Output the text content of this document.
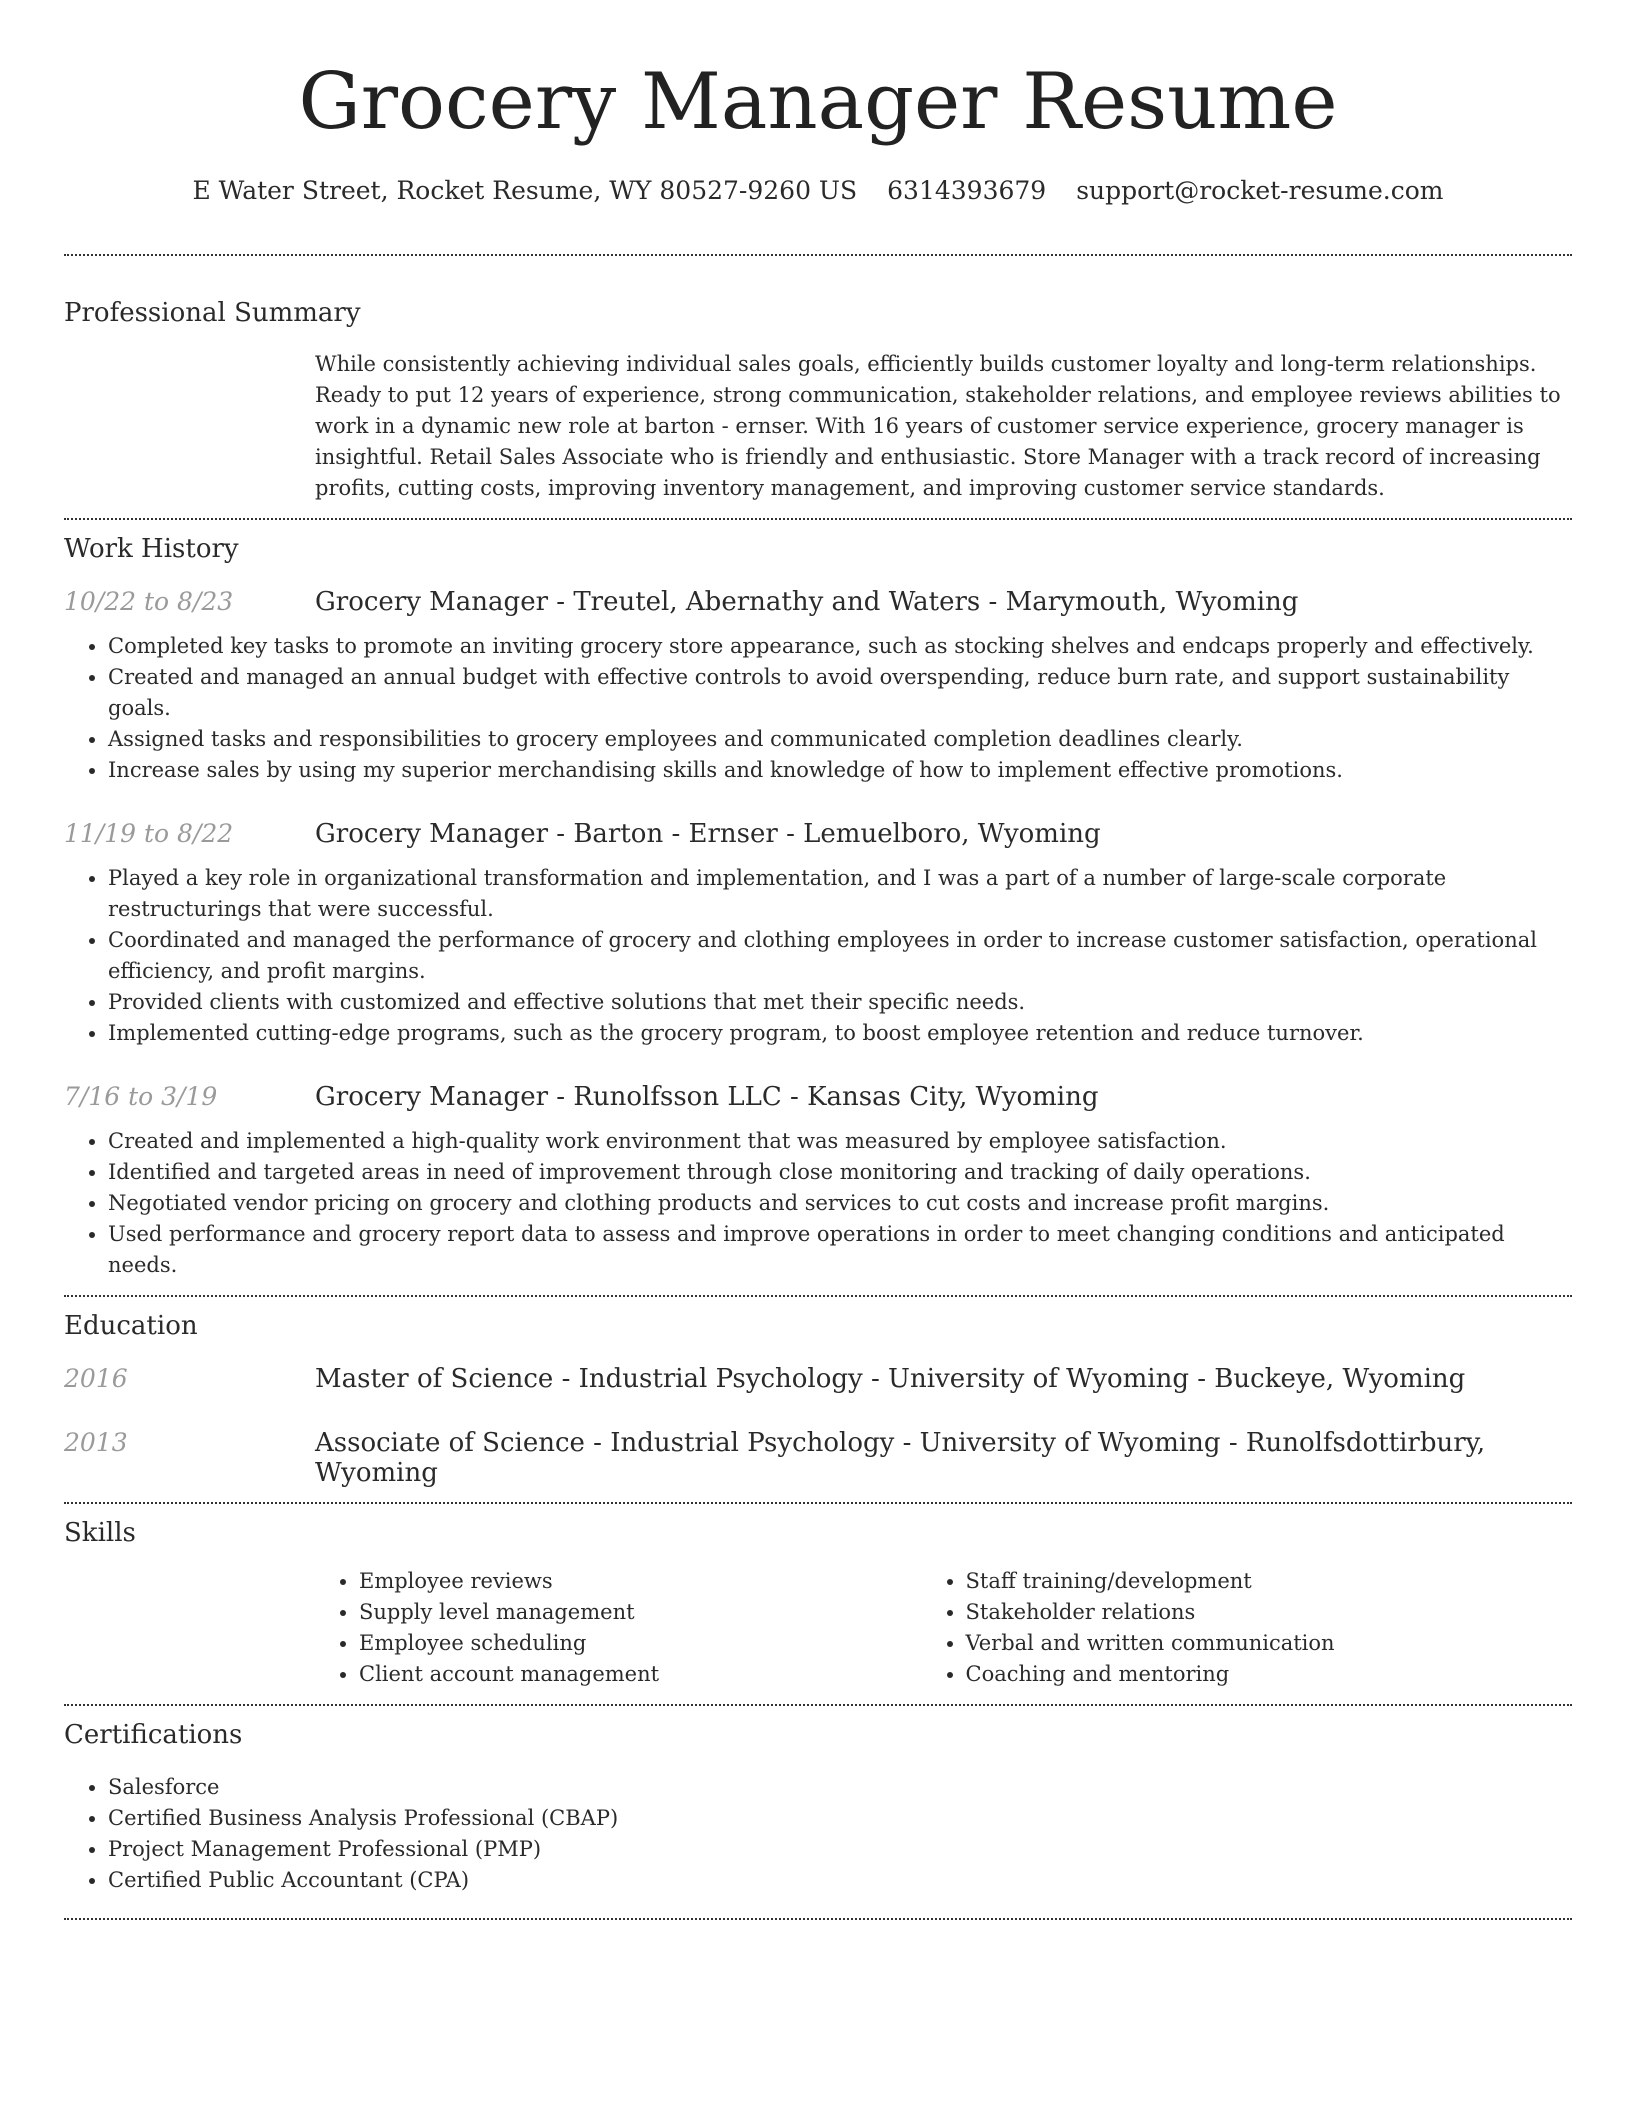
Grocery Manager Resume
E Water Street, Rocket Resume, WY 80527-9260 US 6314393679 support@rocket-resume.com
Professional Summary
While consistently achieving individual sales goals, efficiently builds customer loyalty and long-term relationships. Ready to put 12 years of experience, strong communication, stakeholder relations, and employee reviews abilities to work in a dynamic new role at barton - ernser. With 16 years of customer service experience, grocery manager is insightful. Retail Sales Associate who is friendly and enthusiastic. Store Manager with a track record of increasing profits, cutting costs, improving inventory management, and improving customer service standards.
Work History
10/22 to 8/23	Grocery Manager - Treutel, Abernathy and Waters - Marymouth, Wyoming
• Completed key tasks to promote an inviting grocery store appearance, such as stocking shelves and endcaps properly and effectively.
• Created and managed an annual budget with effective controls to avoid overspending, reduce burn rate, and support sustainability goals.
• Assigned tasks and responsibilities to grocery employees and communicated completion deadlines clearly.
• Increase sales by using my superior merchandising skills and knowledge of how to implement effective promotions.
11/19 to 8/22	Grocery Manager - Barton - Ernser - Lemuelboro, Wyoming
• Played a key role in organizational transformation and implementation, and I was a part of a number of large-scale corporate restructurings that were successful.
• Coordinated and managed the performance of grocery and clothing employees in order to increase customer satisfaction, operational efficiency, and profit margins.
• Provided clients with customized and effective solutions that met their specific needs.
• Implemented cutting-edge programs, such as the grocery program, to boost employee retention and reduce turnover.
7/16 to 3/19	Grocery Manager - Runolfsson LLC - Kansas City, Wyoming
• Created and implemented a high-quality work environment that was measured by employee satisfaction.
• Identified and targeted areas in need of improvement through close monitoring and tracking of daily operations.
• Negotiated vendor pricing on grocery and clothing products and services to cut costs and increase profit margins.
• Used performance and grocery report data to assess and improve operations in order to meet changing conditions and anticipated needs.
Education
2016	Master of Science - Industrial Psychology - University of Wyoming - Buckeye, Wyoming
2013	Associate of Science - Industrial Psychology - University of Wyoming - Runolfsdottirbury, Wyoming
Skills
• Employee reviews
• Supply level management
• Employee scheduling
• Client account management
• Staff training/development
• Stakeholder relations
• Verbal and written communication
• Coaching and mentoring
Certifications
• Salesforce
• Certified Business Analysis Professional (CBAP)
• Project Management Professional (PMP)
• Certified Public Accountant (CPA)
